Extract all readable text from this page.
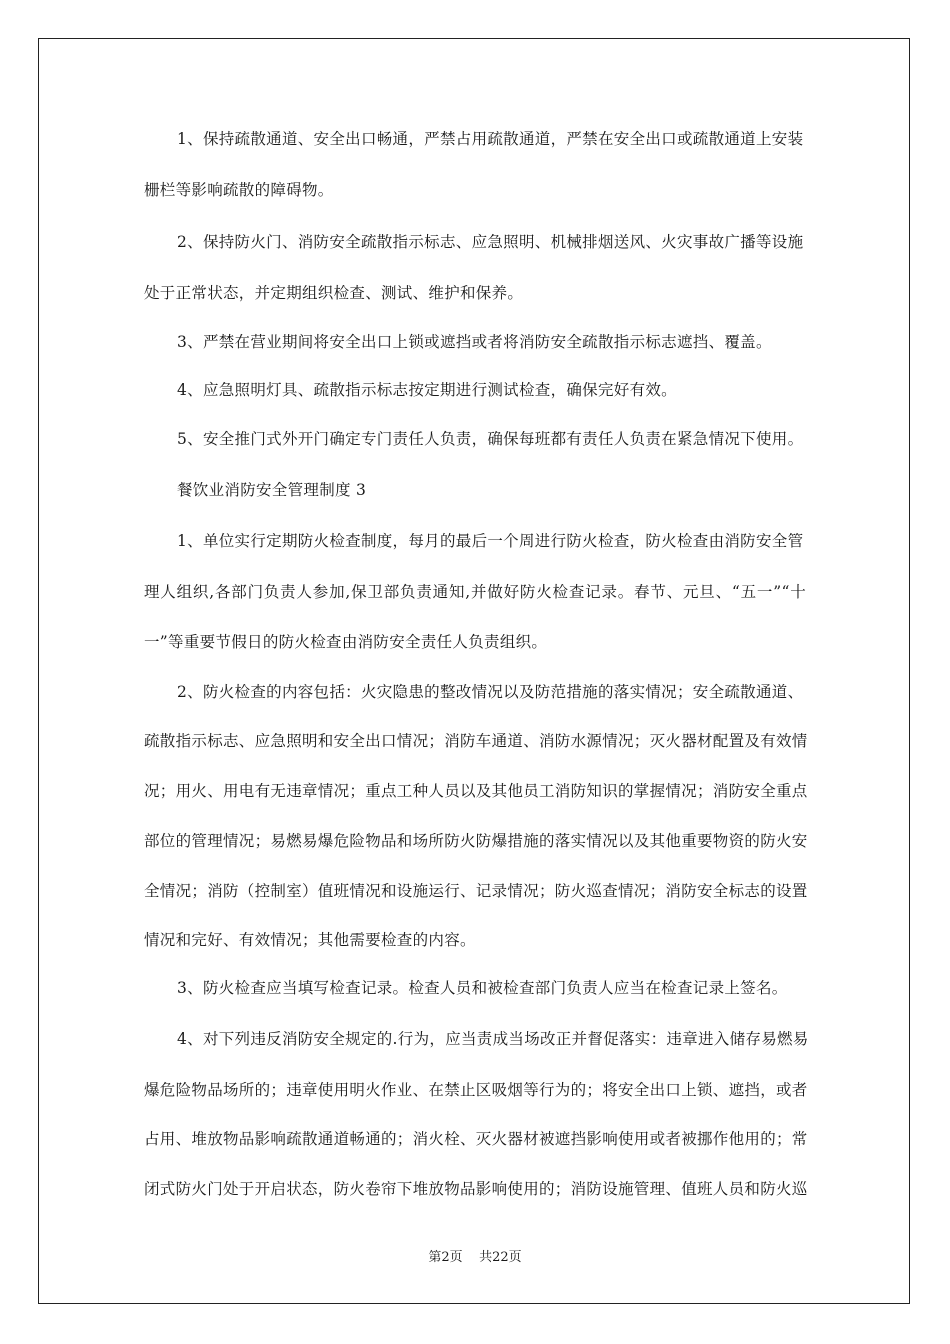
1、保持疏散通道、安全出口畅通，严禁占用疏散通道，严禁在安全出口或疏散通道上安装
栅栏等影响疏散的障碍物。
2、保持防火门、消防安全疏散指示标志、应急照明、机械排烟送风、火灾事故广播等设施
处于正常状态，并定期组织检查、测试、维护和保养。
3、严禁在营业期间将安全出口上锁或遮挡或者将消防安全疏散指示标志遮挡、覆盖。
4、应急照明灯具、疏散指示标志按定期进行测试检查，确保完好有效。
5、安全推门式外开门确定专门责任人负责，确保每班都有责任人负责在紧急情况下使用。
餐饮业消防安全管理制度 3
1、单位实行定期防火检查制度，每月的最后一个周进行防火检查，防火检查由消防安全管
理人组织,各部门负责人参加,保卫部负责通知,并做好防火检查记录。春节、元旦、“五一”“十
一”等重要节假日的防火检查由消防安全责任人负责组织。
2、防火检查的内容包括：火灾隐患的整改情况以及防范措施的落实情况；安全疏散通道、
疏散指示标志、应急照明和安全出口情况；消防车通道、消防水源情况；灭火器材配置及有效情
况；用火、用电有无违章情况；重点工种人员以及其他员工消防知识的掌握情况；消防安全重点
部位的管理情况；易燃易爆危险物品和场所防火防爆措施的落实情况以及其他重要物资的防火安
全情况；消防（控制室）值班情况和设施运行、记录情况；防火巡查情况；消防安全标志的设置
情况和完好、有效情况；其他需要检查的内容。
3、防火检查应当填写检查记录。检查人员和被检查部门负责人应当在检查记录上签名。
4、对下列违反消防安全规定的.行为，应当责成当场改正并督促落实：违章进入储存易燃易
爆危险物品场所的；违章使用明火作业、在禁止区吸烟等行为的；将安全出口上锁、遮挡，或者
占用、堆放物品影响疏散通道畅通的；消火栓、灭火器材被遮挡影响使用或者被挪作他用的；常
闭式防火门处于开启状态，防火卷帘下堆放物品影响使用的；消防设施管理、值班人员和防火巡
第2页    共22页
